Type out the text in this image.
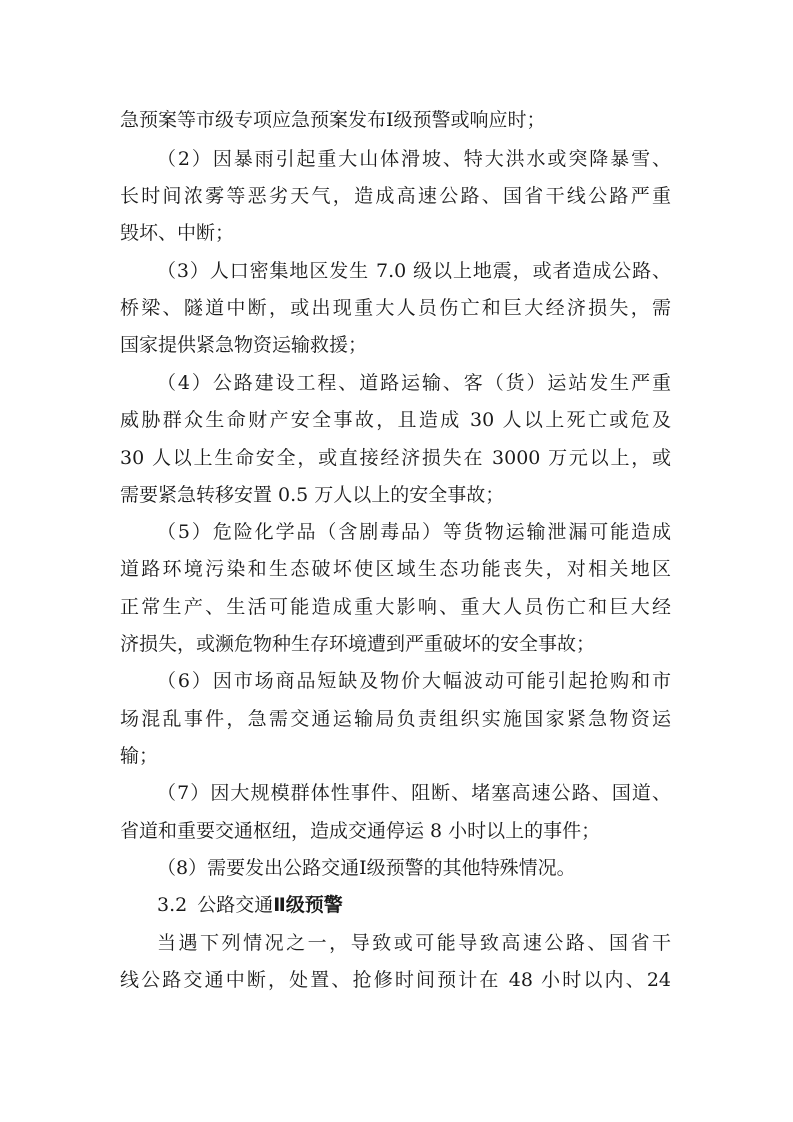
急预案等市级专项应急预案发布Ⅰ级预警或响应时；
（2）因暴雨引起重大山体滑坡、特大洪水或突降暴雪、
长时间浓雾等恶劣天气，造成高速公路、国省干线公路严重
毁坏、中断；
（3）人口密集地区发生 7.0 级以上地震，或者造成公路、
桥梁、隧道中断，或出现重大人员伤亡和巨大经济损失，需
国家提供紧急物资运输救援；
（4）公路建设工程、道路运输、客（货）运站发生严重
威胁群众生命财产安全事故，且造成 30 人以上死亡或危及
30 人以上生命安全，或直接经济损失在 3000 万元以上，或
需要紧急转移安置 0.5 万人以上的安全事故；
（5）危险化学品（含剧毒品）等货物运输泄漏可能造成
道路环境污染和生态破坏使区域生态功能丧失，对相关地区
正常生产、生活可能造成重大影响、重大人员伤亡和巨大经
济损失，或濒危物种生存环境遭到严重破坏的安全事故；
（6）因市场商品短缺及物价大幅波动可能引起抢购和市
场混乱事件，急需交通运输局负责组织实施国家紧急物资运
输；
（7）因大规模群体性事件、阻断、堵塞高速公路、国道、
省道和重要交通枢纽，造成交通停运 8 小时以上的事件；
（8）需要发出公路交通Ⅰ级预警的其他特殊情况。
3.2 公路交通Ⅱ级预警
当遇下列情况之一，导致或可能导致高速公路、国省干
线公路交通中断，处置、抢修时间预计在 48 小时以内、24
